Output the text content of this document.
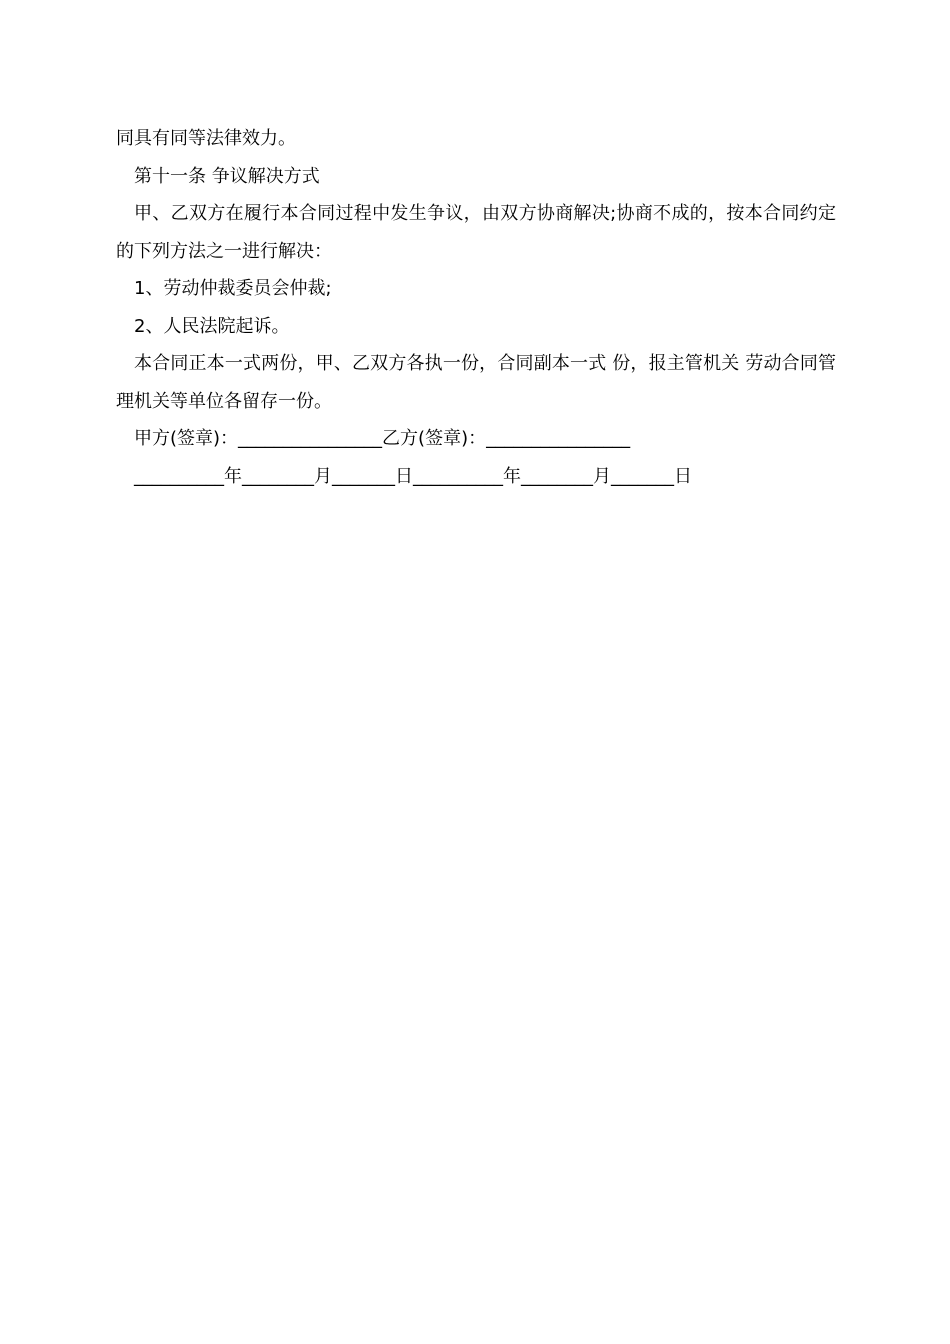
同具有同等法律效力。

第十一条 争议解决方式

甲、乙双方在履行本合同过程中发生争议，由双方协商解决;协商不成的，按本合同约定的下列方法之一进行解决：

1、劳动仲裁委员会仲裁;

2、人民法院起诉。

本合同正本一式两份，甲、乙双方各执一份，合同副本一式 份，报主管机关 劳动合同管理机关等单位各留存一份。

甲方(签章)：________________乙方(签章)：________________

__________年________月_______日__________年________月_______日
